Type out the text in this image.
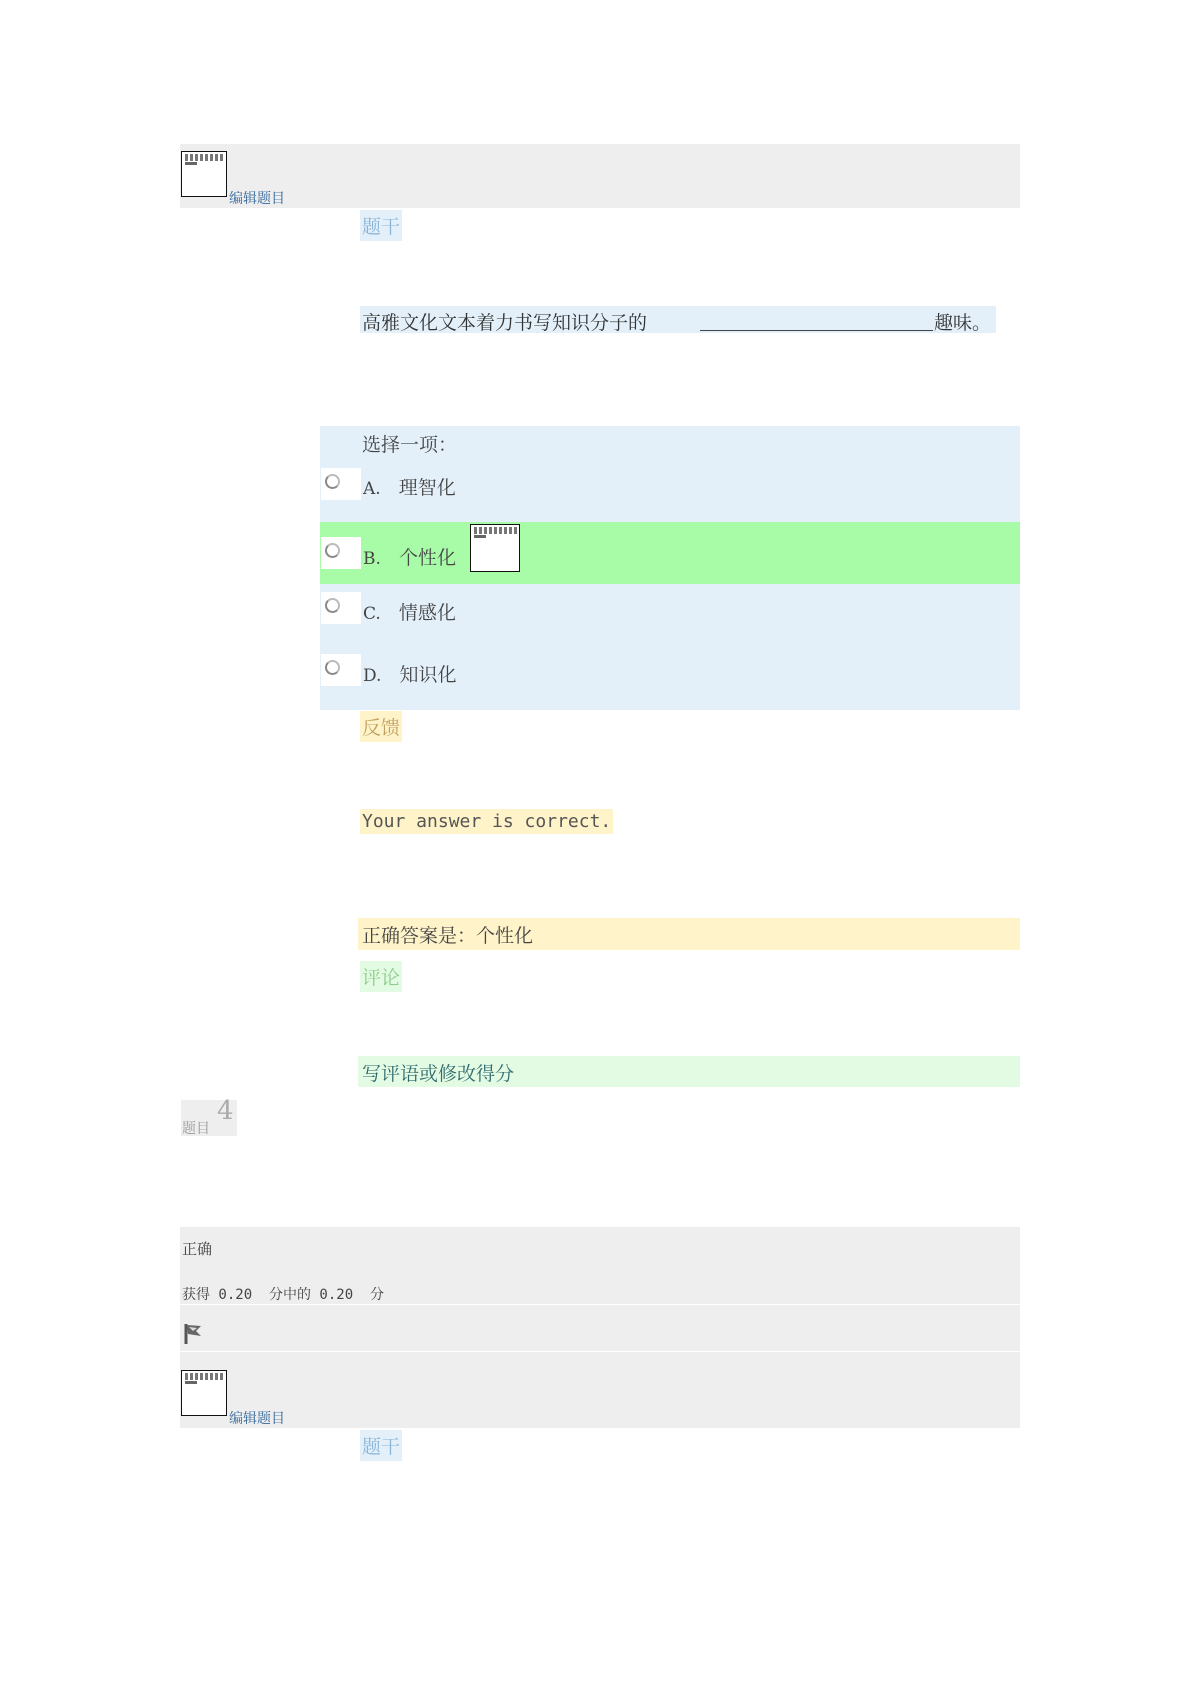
编辑题目
题干
高雅文化文本着力书写知识分子的	趣味。
选择一项：
A. 理智化
B. 个性化
C. 情感化
D. 知识化
反馈
Your answer is correct.
正确答案是：个性化
评论
写评语或修改得分
题目
4
正确
获得 0.20  分中的 0.20  分
编辑题目
题干
